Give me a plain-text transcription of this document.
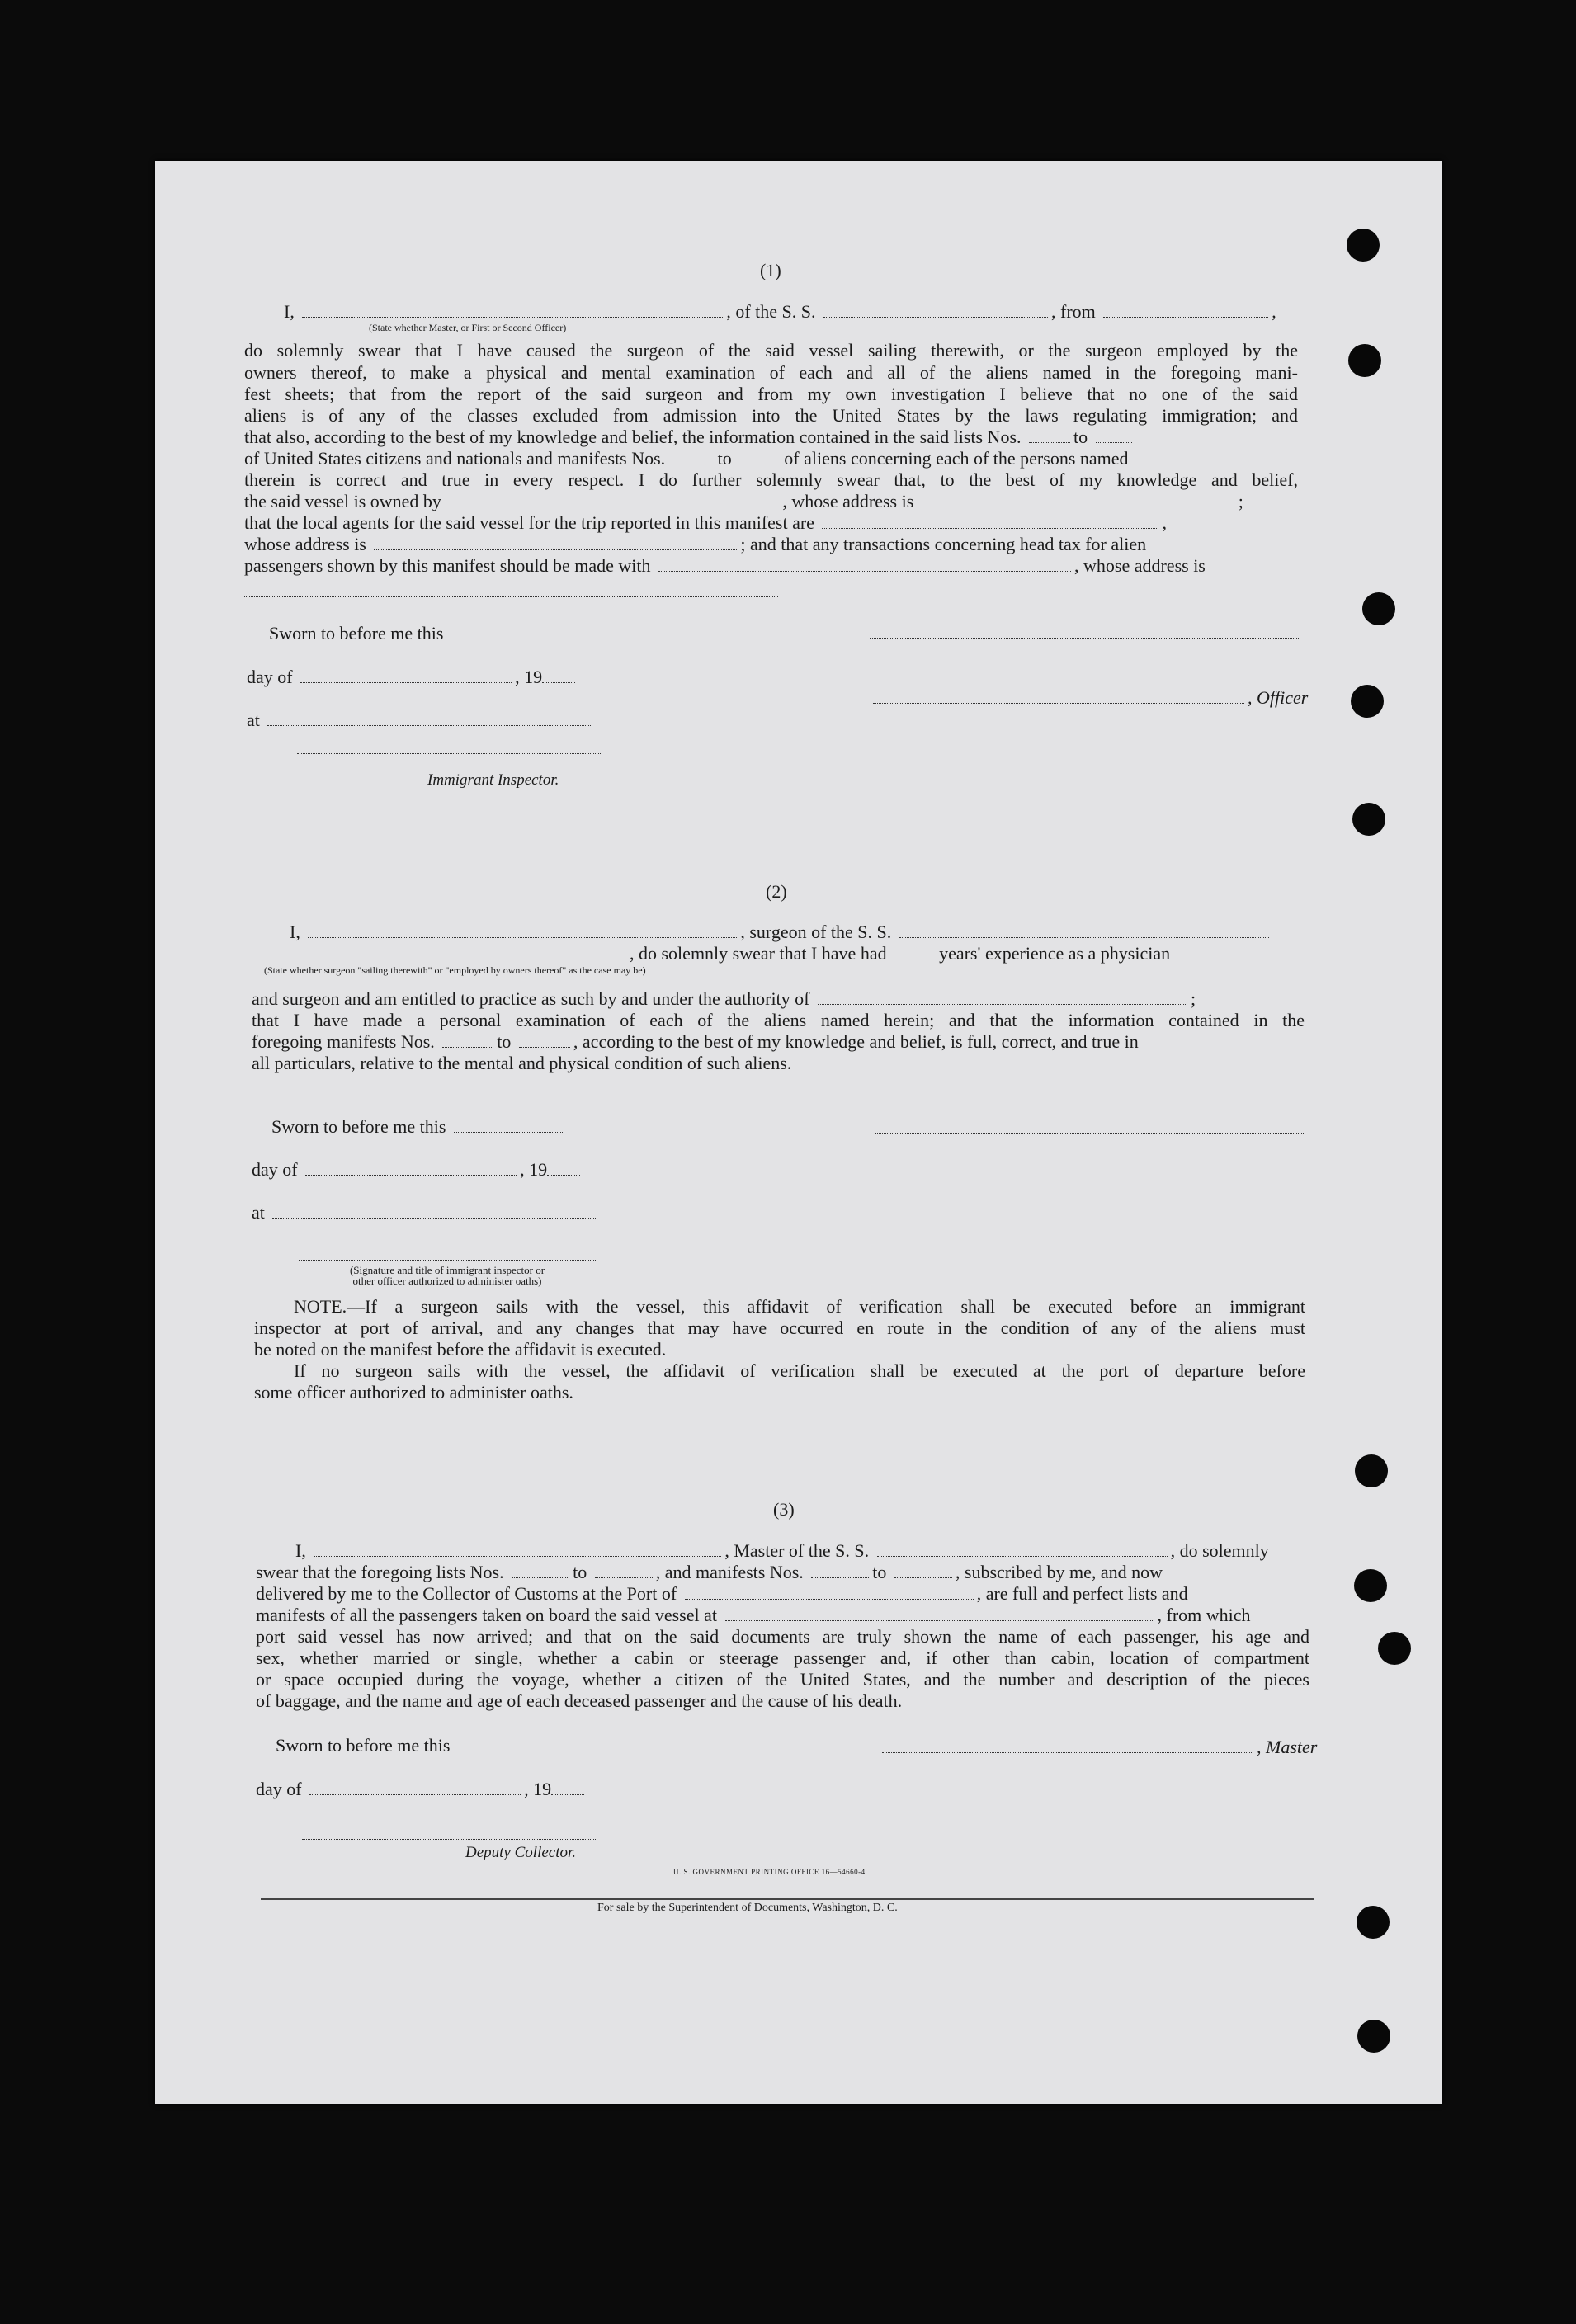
(1)
I,	, of the S. S.	, from	,
(State whether Master, or First or Second Officer)
do solemnly swear that I have caused the surgeon of the said vessel sailing therewith, or the surgeon employed by the
owners thereof, to make a physical and mental examination of each and all of the aliens named in the foregoing mani-
fest sheets; that from the report of the said surgeon and from my own investigation I believe that no one of the said
aliens is of any of the classes excluded from admission into the United States by the laws regulating immigration; and
that also, according to the best of my knowledge and belief, the information contained in the said lists Nos.	to
of United States citizens and nationals and manifests Nos.	to	of aliens concerning each of the persons named
therein is correct and true in every respect. I do further solemnly swear that, to the best of my knowledge and belief,
the said vessel is owned by	, whose address is	;
that the local agents for the said vessel for the trip reported in this manifest are	,
whose address is	; and that any transactions concerning head tax for alien
passengers shown by this manifest should be made with	, whose address is
Sworn to before me this
day of	, 19
, Officer
at
Immigrant Inspector.
(2)
I,	, surgeon of the S. S.
, do solemnly swear that I have had	years' experience as a physician
(State whether surgeon "sailing therewith" or "employed by owners thereof" as the case may be)
and surgeon and am entitled to practice as such by and under the authority of	;
that I have made a personal examination of each of the aliens named herein; and that the information contained in the
foregoing manifests Nos.	to	, according to the best of my knowledge and belief, is full, correct, and true in
all particulars, relative to the mental and physical condition of such aliens.
Sworn to before me this
day of	, 19
at
(Signature and title of immigrant inspector or
other officer authorized to administer oaths)
NOTE.—If a surgeon sails with the vessel, this affidavit of verification shall be executed before an immigrant
inspector at port of arrival, and any changes that may have occurred en route in the condition of any of the aliens must
be noted on the manifest before the affidavit is executed.
If no surgeon sails with the vessel, the affidavit of verification shall be executed at the port of departure before
some officer authorized to administer oaths.
(3)
I,	, Master of the S. S.	, do solemnly
swear that the foregoing lists Nos.	to	, and manifests Nos.	to	, subscribed by me, and now
delivered by me to the Collector of Customs at the Port of	, are full and perfect lists and
manifests of all the passengers taken on board the said vessel at	, from which
port said vessel has now arrived; and that on the said documents are truly shown the name of each passenger, his age and
sex, whether married or single, whether a cabin or steerage passenger and, if other than cabin, location of compartment
or space occupied during the voyage, whether a citizen of the United States, and the number and description of the pieces
of baggage, and the name and age of each deceased passenger and the cause of his death.
Sworn to before me this	, Master
day of	, 19
Deputy Collector.
U. S. GOVERNMENT PRINTING OFFICE 16—54660-4
For sale by the Superintendent of Documents, Washington, D. C.
